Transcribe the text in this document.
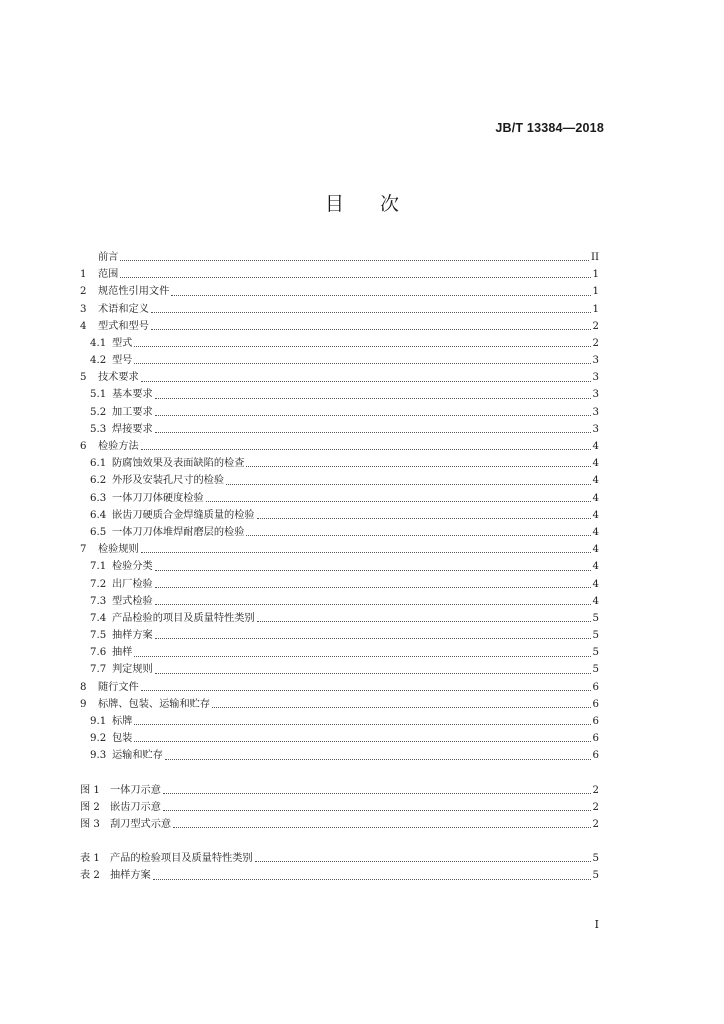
JB/T 13384—2018
目 次
前言	II
1	范围	1
2	规范性引用文件	1
3	术语和定义	1
4	型式和型号	2
4.1 型式	2
4.2 型号	3
5	技术要求	3
5.1 基本要求	3
5.2 加工要求	3
5.3 焊接要求	3
6	检验方法	4
6.1 防腐蚀效果及表面缺陷的检查	4
6.2 外形及安装孔尺寸的检验	4
6.3 一体刀刀体硬度检验	4
6.4 嵌齿刀硬质合金焊缝质量的检验	4
6.5 一体刀刀体堆焊耐磨层的检验	4
7	检验规则	4
7.1 检验分类	4
7.2 出厂检验	4
7.3 型式检验	4
7.4 产品检验的项目及质量特性类别	5
7.5 抽样方案	5
7.6 抽样	5
7.7 判定规则	5
8	随行文件	6
9	标牌、包装、运输和贮存	6
9.1 标牌	6
9.2 包装	6
9.3 运输和贮存	6
图 1 一体刀示意	2
图 2 嵌齿刀示意	2
图 3 刮刀型式示意	2
表 1 产品的检验项目及质量特性类别	5
表 2 抽样方案	5
I
